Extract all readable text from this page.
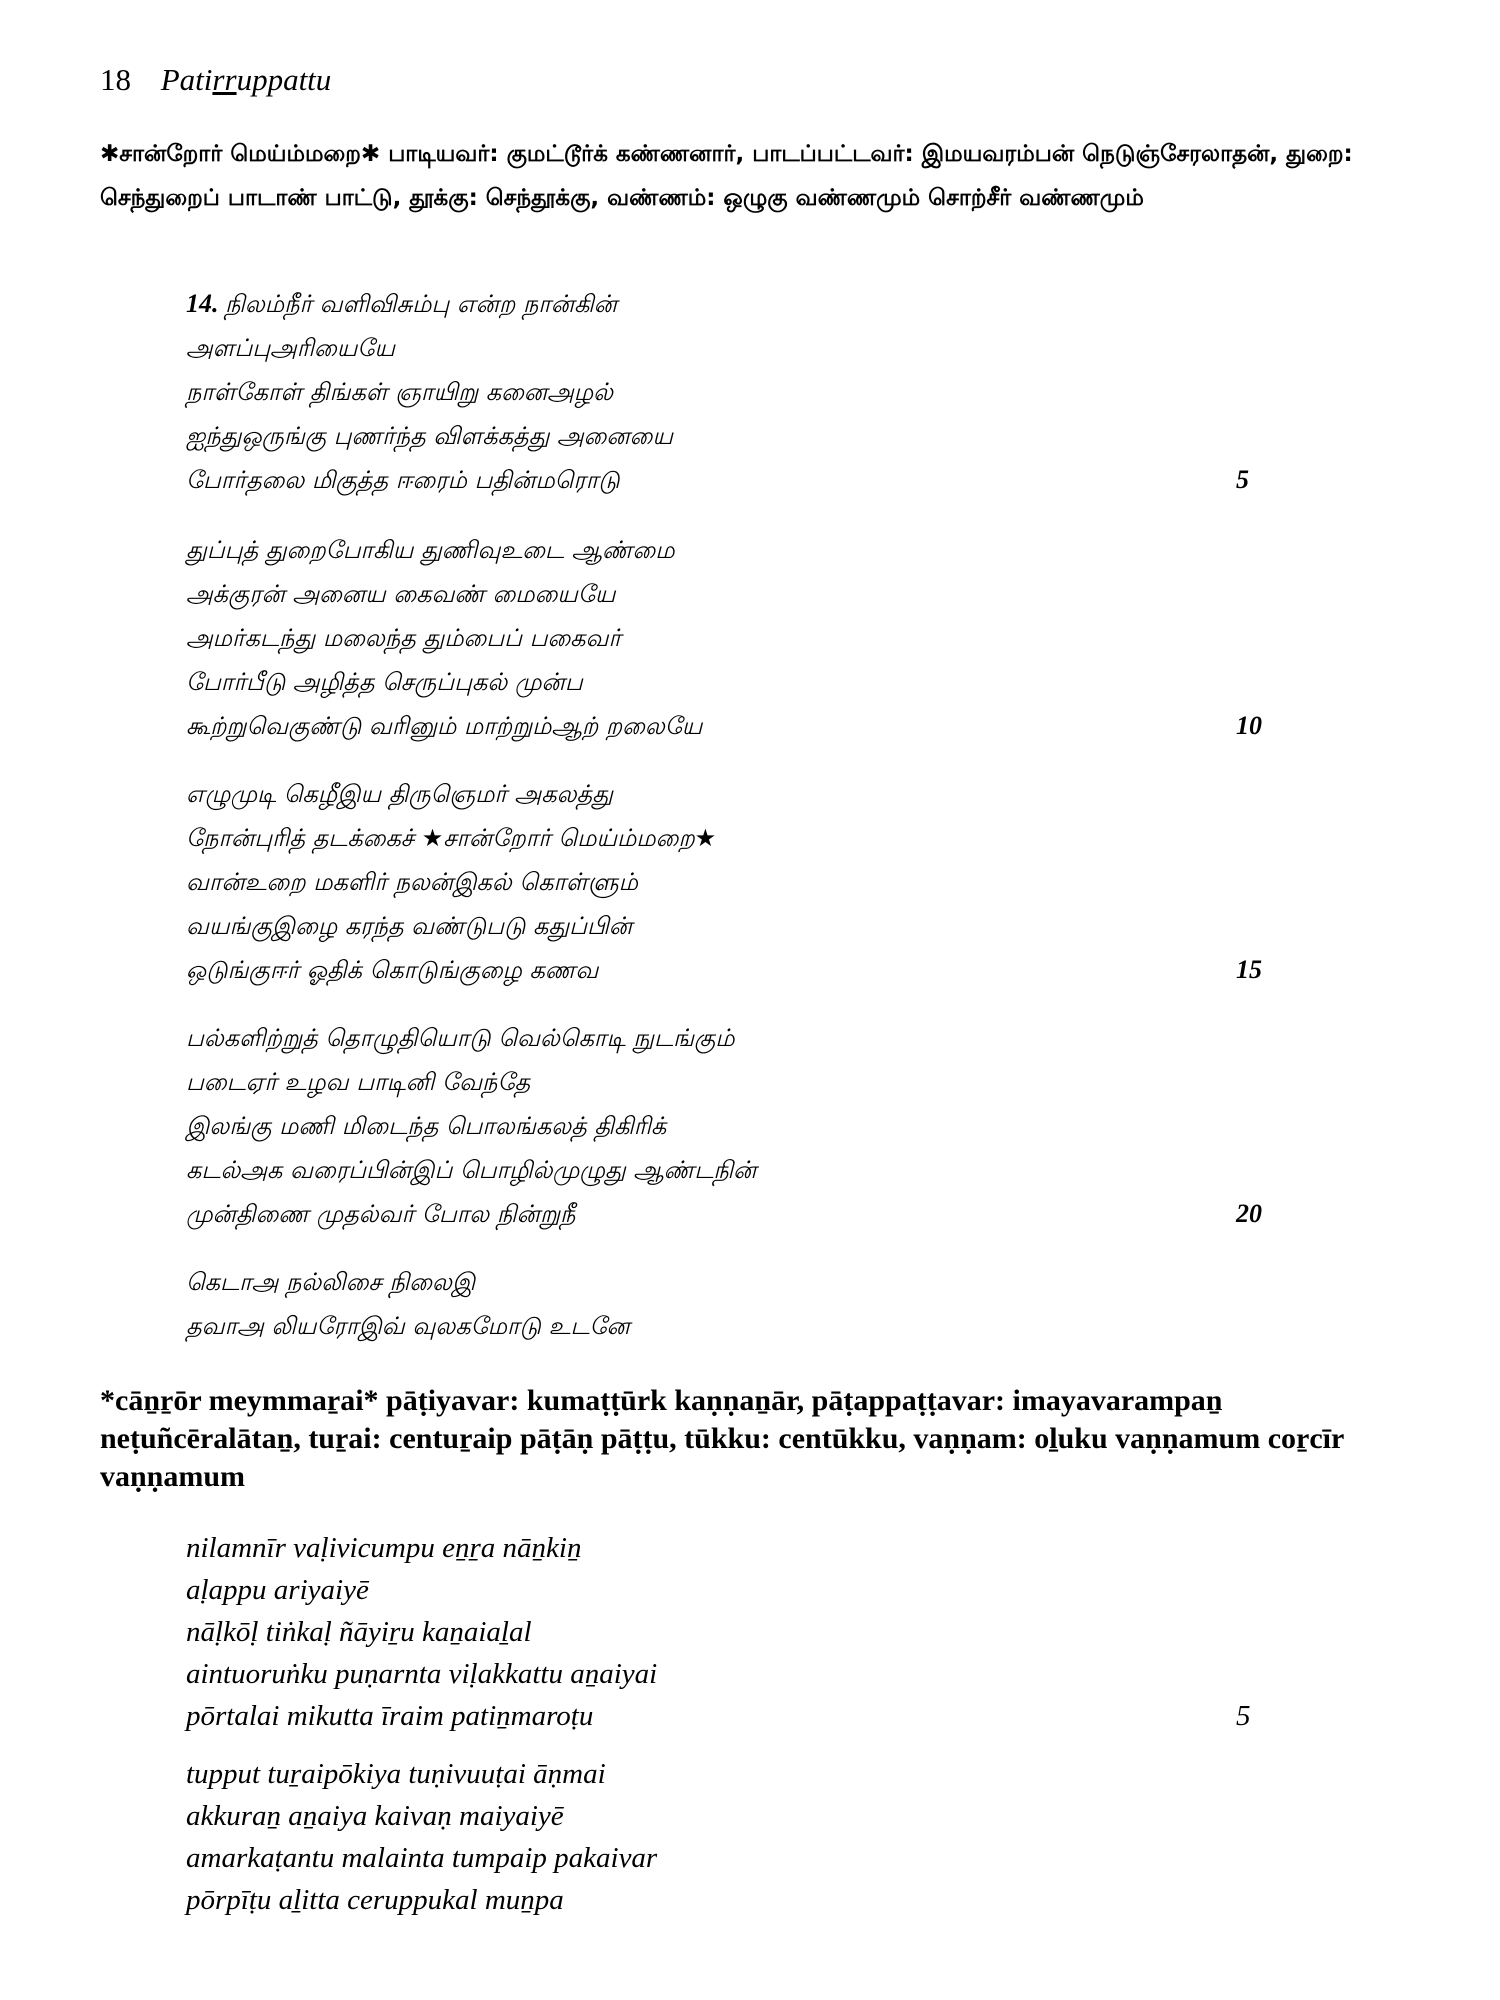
18 Patirruppattu
✱சான்றோர் மெய்ம்மறை✱ பாடியவர்: குமட்டூர்க் கண்ணனார், பாடப்பட்டவர்: இமயவரம்பன் நெடுஞ்சேரலாதன், துறை: செந்துறைப் பாடாண் பாட்டு, தூக்கு: செந்தூக்கு, வண்ணம்: ஒழுகு வண்ணமும் சொற்சீர் வண்ணமும்
14. நிலம்நீர் வளிவிசும்பு என்ற நான்கின்
அளப்புஅரியையே
நாள்கோள் திங்கள் ஞாயிறு கனைஅழல்
ஐந்துஒருங்கு புணர்ந்த விளக்கத்து அனையை
போர்தலை மிகுத்த ஈரைம் பதின்மரொடு	5
துப்புத் துறைபோகிய துணிவுஉடை ஆண்மை
அக்குரன் அனைய கைவண் மையையே
அமர்கடந்து மலைந்த தும்பைப் பகைவர்
போர்பீடு அழித்த செருப்புகல் முன்ப
கூற்றுவெகுண்டு வரினும் மாற்றும்ஆற் றலையே	10
எழுமுடி கெழீஇய திருஞெமர் அகலத்து
நோன்புரித் தடக்கைச் ★சான்றோர் மெய்ம்மறை★
வான்உறை மகளிர் நலன்இகல் கொள்ளும்
வயங்குஇழை கரந்த வண்டுபடு கதுப்பின்
ஒடுங்குஈர் ஓதிக் கொடுங்குழை கணவ	15
பல்களிற்றுத் தொழுதியொடு வெல்கொடி நுடங்கும்
படைஏர் உழவ பாடினி வேந்தே
இலங்கு மணி மிடைந்த பொலங்கலத் திகிரிக்
கடல்அக வரைப்பின்இப் பொழில்முழுது ஆண்டநின்
முன்திணை முதல்வர் போல நின்றுநீ	20
கெடாஅ நல்லிசை நிலைஇ
தவாஅ லியரோஇவ் வுலகமோடு உடனே
*cāṉṟōr meymmaṟai* pāṭiyavar: kumaṭṭūrk kaṇṇaṉār, pāṭappaṭṭavar: imayavarampaṉ neṭuñcēralātaṉ, tuṟai: centuṟaip pāṭāṇ pāṭṭu, tūkku: centūkku, vaṇṇam: oḻuku vaṇṇamum coṟcīr vaṇṇamum
nilamnīr vaḷivicumpu eṉṟa nāṉkiṉ
aḷappu ariyaiyē
nāḷkōḷ tiṅkaḷ ñāyiṟu kaṉaiaḻal
aintuoruṅku puṇarnta viḷakkattu aṉaiyai
pōrtalai mikutta īraim patiṉmaroṭu	5
tupput tuṟaipōkiya tuṇivuuṭai āṇmai
akkuraṉ aṉaiya kaivaṇ maiyaiyē
amarkaṭantu malainta tumpaip pakaivar
pōrpīṭu aḻitta ceruppukal muṉpa
